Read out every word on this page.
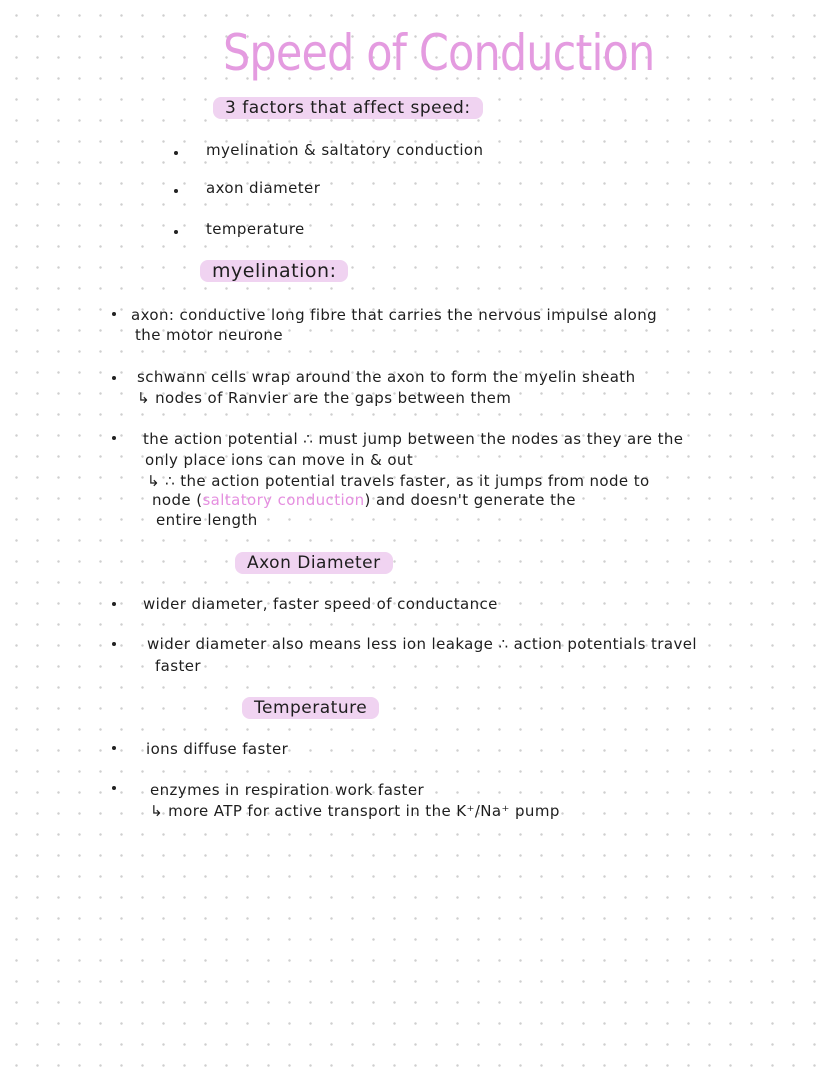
Speed of Conduction
3 factors that affect speed:
myelination & saltatory conduction
axon diameter
temperature
myelination:
axon: conductive long fibre that carries the nervous impulse along
the motor neurone
schwann cells wrap around the axon to form the myelin sheath
↳ nodes of Ranvier are the gaps between them
the action potential ∴ must jump between the nodes as they are the
only place ions can move in & out
↳ ∴ the action potential travels faster, as it jumps from node to
node (saltatory conduction) and doesn't generate the
entire length
Axon Diameter
wider diameter, faster speed of conductance
wider diameter also means less ion leakage ∴ action potentials travel
faster
Temperature
ions diffuse faster
enzymes in respiration work faster
↳ more ATP for active transport in the K⁺/Na⁺ pump
